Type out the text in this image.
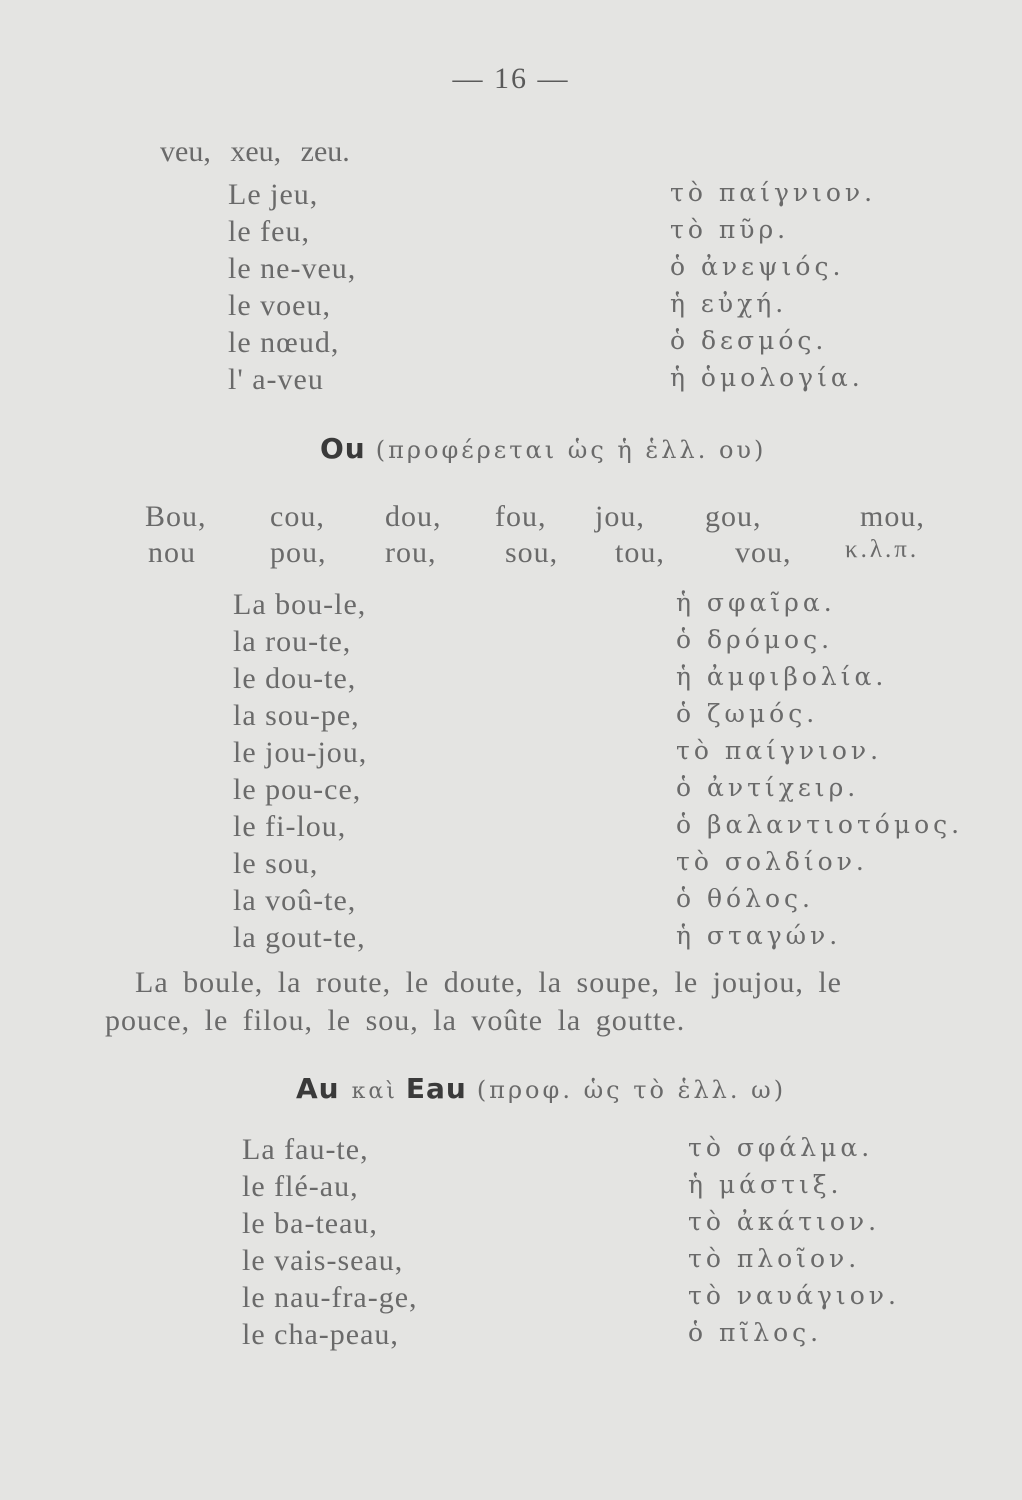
— 16 —
veu, xeu, zeu.
Le jeu,	τὸ παίγνιον.
le feu,	τὸ πῦρ.
le ne-veu,	ὁ ἀνεψιός.
le voeu,	ἡ εὐχή.
le nœud,	ὁ δεσμός.
l' a-veu	ἡ ὁμολογία.
Ou (προφέρεται ὡς ἡ ἑλλ. ου)
Bou, cou, dou, fou, jou, gou,	mou,
nou pou, rou, sou, tou, vou, κ.λ.π.
La bou-le,	ἡ σφαῖρα.
la rou-te,	ὁ δρόμος.
le dou-te,	ἡ ἀμφιβολία.
la sou-pe,	ὁ ζωμός.
le jou-jou,	τὸ παίγνιον.
le pou-ce,	ὁ ἀντίχειρ.
le fi-lou,	ὁ βαλαντιοτόμος.
le sou,	τὸ σολδίον.
la voû-te,	ὁ θόλος.
la gout-te,	ἡ σταγών.
La boule, la route, le doute, la soupe, le joujou, le
pouce, le filou, le sou, la voûte la goutte.
Au καὶ Eau (προφ. ὡς τὸ ἑλλ. ω)
La fau-te,	τὸ σφάλμα.
le flé-au,	ἡ μάστιξ.
le ba-teau,	τὸ ἀκάτιον.
le vais-seau,	τὸ πλοῖον.
le nau-fra-ge,	τὸ ναυάγιον.
le cha-peau,	ὁ πῖλος.
